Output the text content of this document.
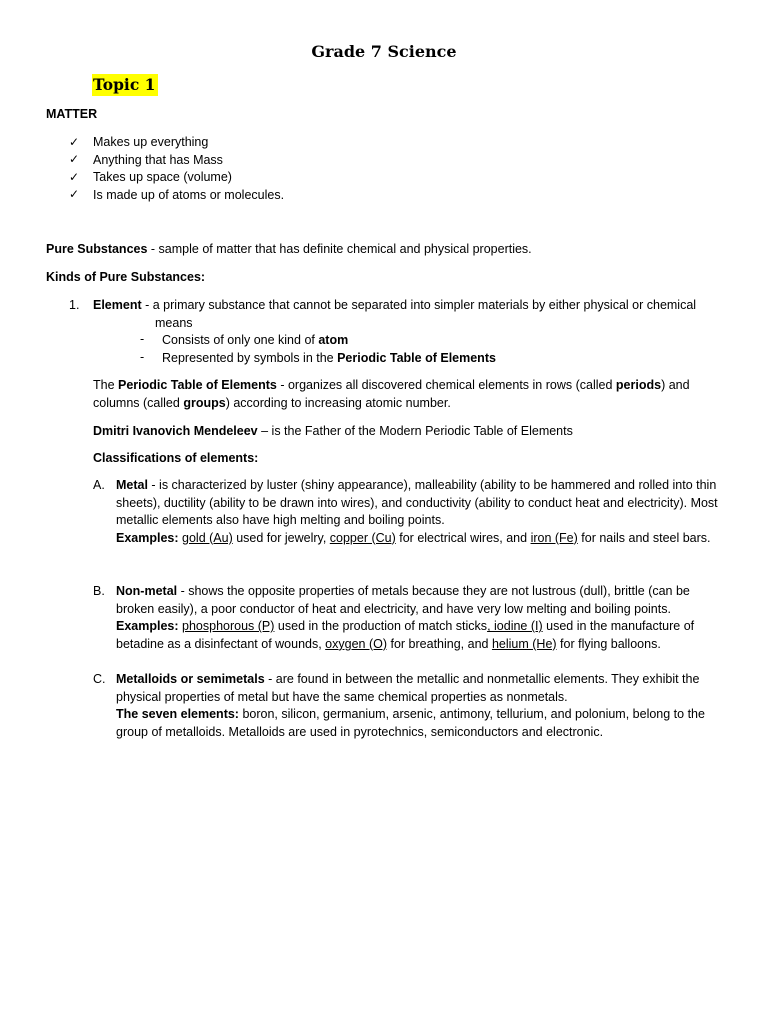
Grade 7 Science
Topic 1
MATTER
✓ Makes up everything
✓ Anything that has Mass
✓ Takes up space (volume)
✓ Is made up of atoms or molecules.
Pure Substances - sample of matter that has definite chemical and physical properties.
Kinds of Pure Substances:
1. Element - a primary substance that cannot be separated into simpler materials by either physical or chemical
means
- Consists of only one kind of atom
- Represented by symbols in the Periodic Table of Elements
The Periodic Table of Elements - organizes all discovered chemical elements in rows (called periods) and columns (called groups) according to increasing atomic number.
Dmitri Ivanovich Mendeleev – is the Father of the Modern Periodic Table of Elements
Classifications of elements:
A. Metal - is characterized by luster (shiny appearance), malleability (ability to be hammered and rolled into thin sheets), ductility (ability to be drawn into wires), and conductivity (ability to conduct heat and electricity). Most metallic elements also have high melting and boiling points.
Examples: gold (Au) used for jewelry, copper (Cu) for electrical wires, and iron (Fe) for nails and steel bars.
B. Non-metal - shows the opposite properties of metals because they are not lustrous (dull), brittle (can be broken easily), a poor conductor of heat and electricity, and have very low melting and boiling points.
Examples: phosphorous (P) used in the production of match sticks, iodine (I) used in the manufacture of betadine as a disinfectant of wounds, oxygen (O) for breathing, and helium (He) for flying balloons.
C. Metalloids or semimetals - are found in between the metallic and nonmetallic elements. They exhibit the physical properties of metal but have the same chemical properties as nonmetals.
The seven elements: boron, silicon, germanium, arsenic, antimony, tellurium, and polonium, belong to the group of metalloids. Metalloids are used in pyrotechnics, semiconductors and electronic.
